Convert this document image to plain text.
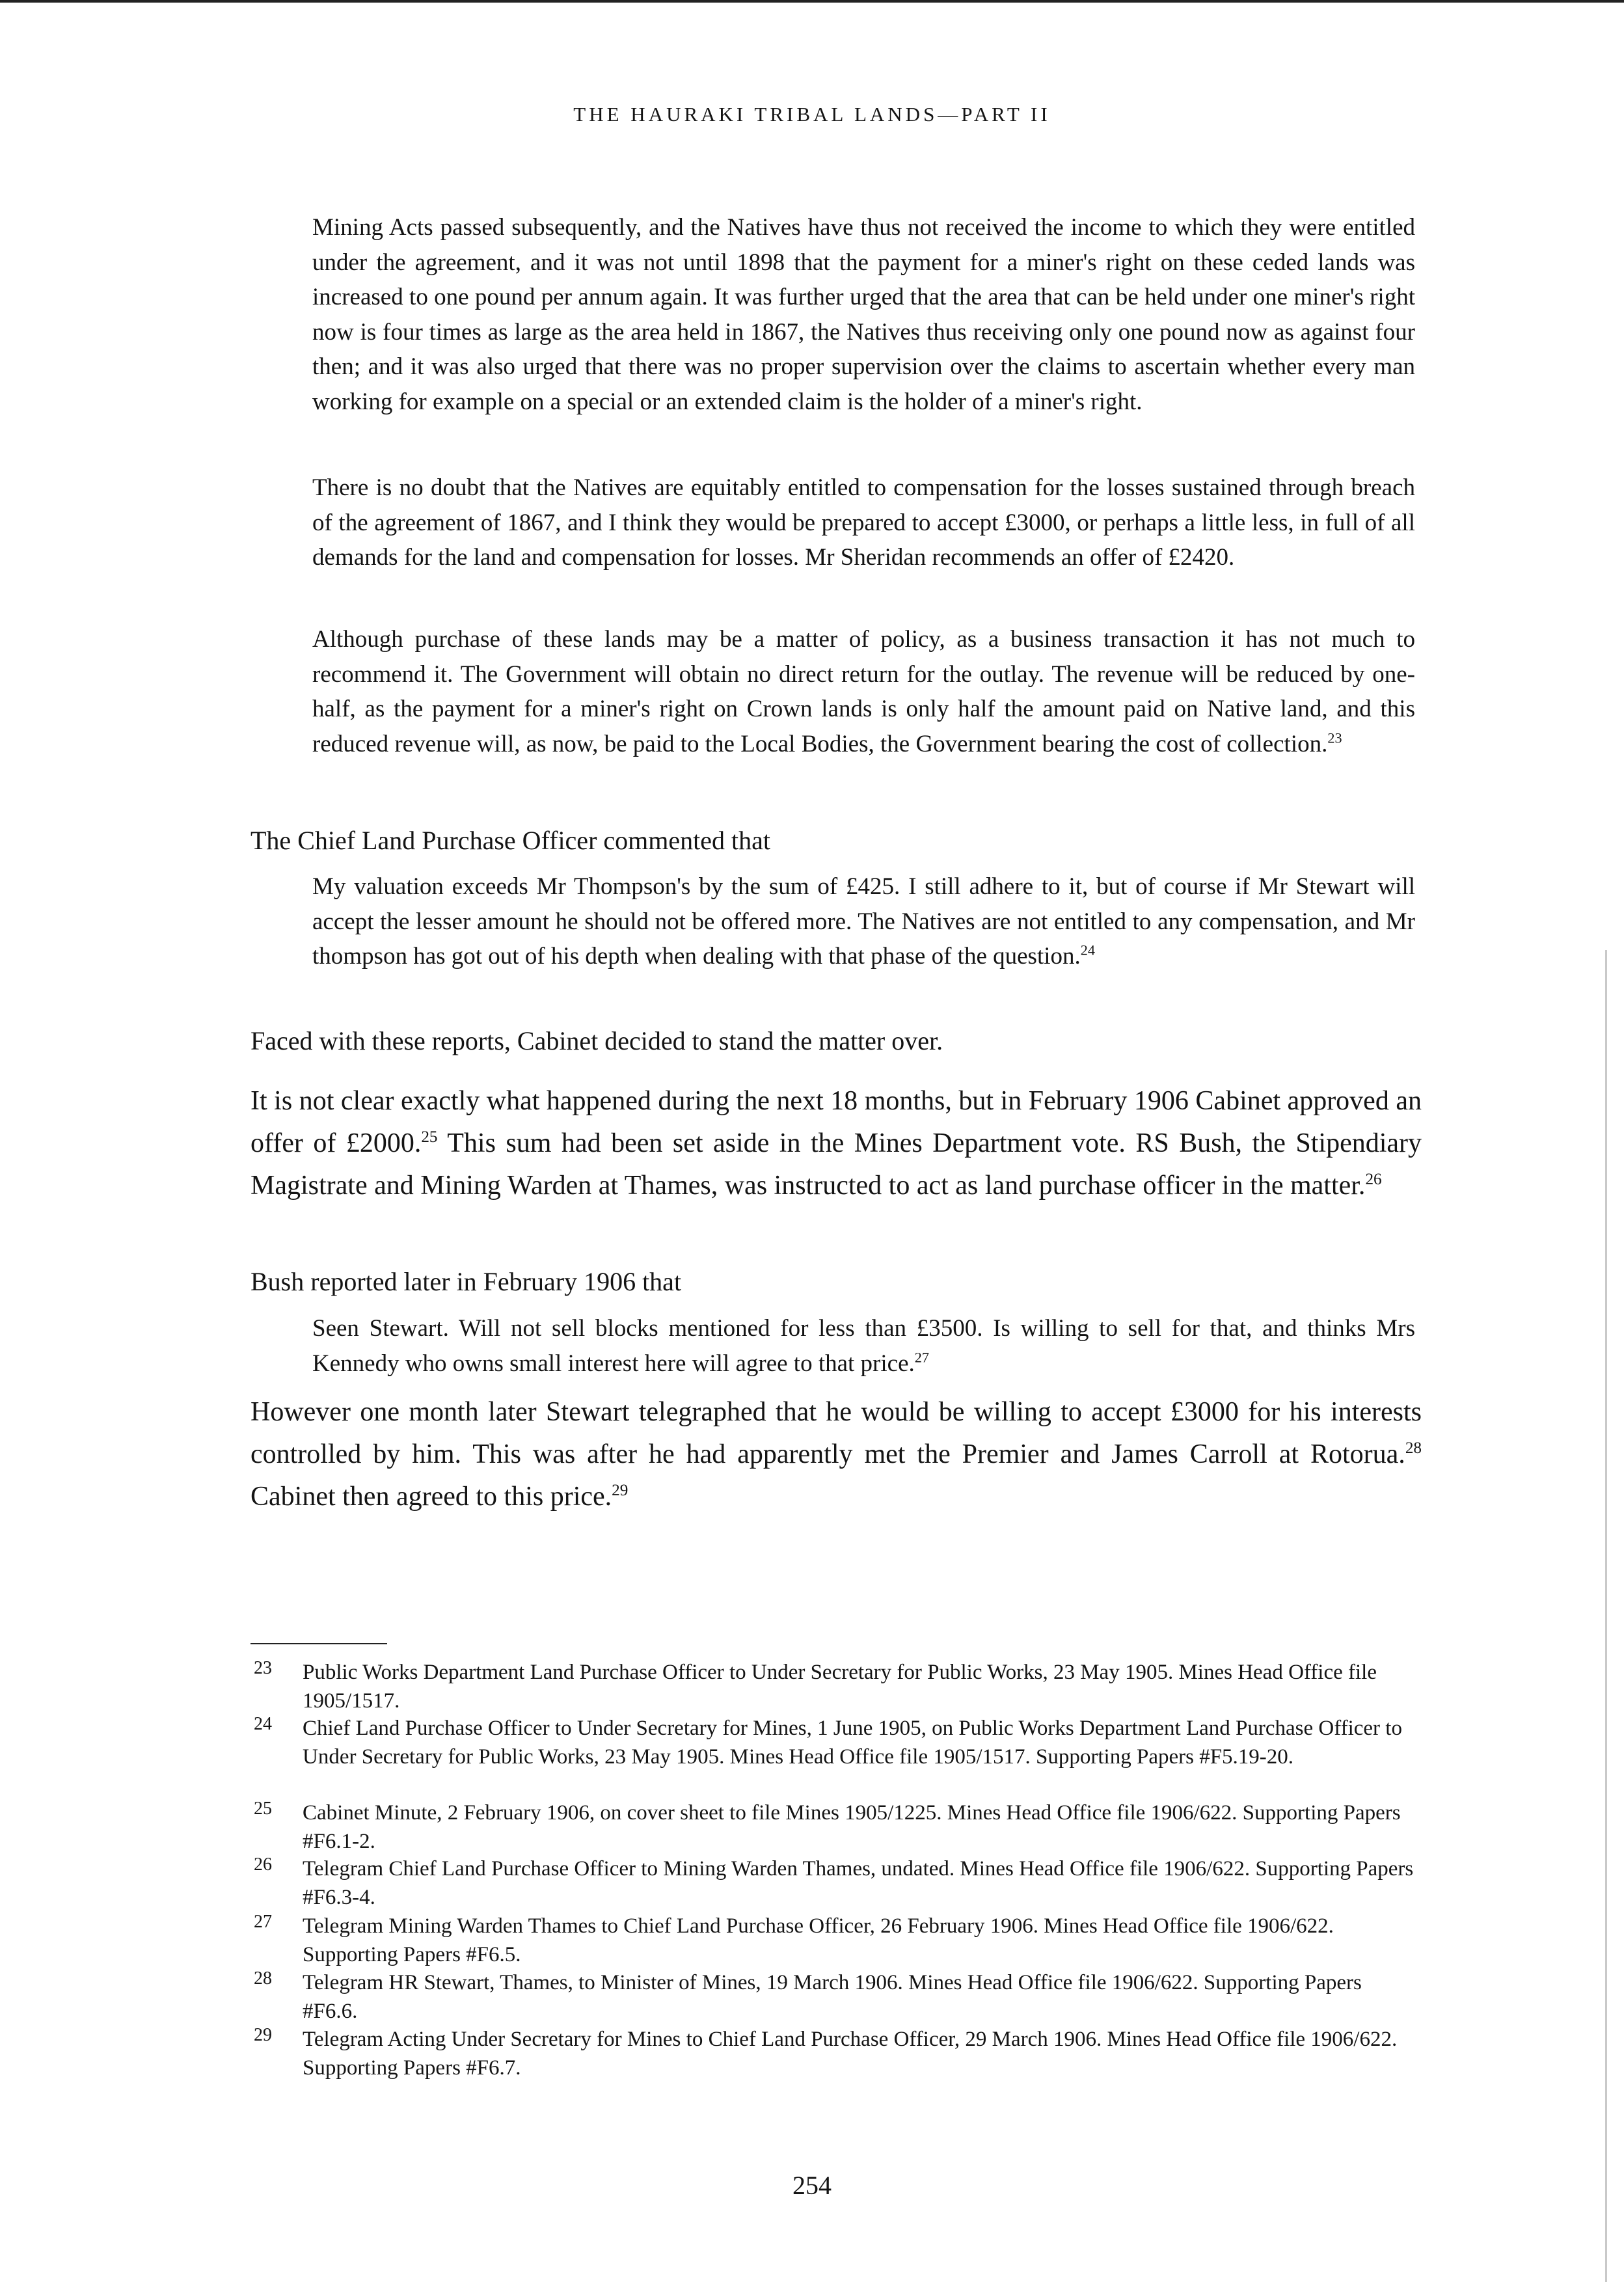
THE HAURAKI TRIBAL LANDS—PART II
Mining Acts passed subsequently, and the Natives have thus not received the income to which they were entitled under the agreement, and it was not until 1898 that the payment for a miner's right on these ceded lands was increased to one pound per annum again. It was further urged that the area that can be held under one miner's right now is four times as large as the area held in 1867, the Natives thus receiving only one pound now as against four then; and it was also urged that there was no proper supervision over the claims to ascertain whether every man working for example on a special or an extended claim is the holder of a miner's right.
There is no doubt that the Natives are equitably entitled to compensation for the losses sustained through breach of the agreement of 1867, and I think they would be prepared to accept £3000, or perhaps a little less, in full of all demands for the land and compensation for losses. Mr Sheridan recommends an offer of £2420.
Although purchase of these lands may be a matter of policy, as a business transaction it has not much to recommend it. The Government will obtain no direct return for the outlay. The revenue will be reduced by one-half, as the payment for a miner's right on Crown lands is only half the amount paid on Native land, and this reduced revenue will, as now, be paid to the Local Bodies, the Government bearing the cost of collection.$^{23}$
The Chief Land Purchase Officer commented that
My valuation exceeds Mr Thompson's by the sum of £425. I still adhere to it, but of course if Mr Stewart will accept the lesser amount he should not be offered more. The Natives are not entitled to any compensation, and Mr thompson has got out of his depth when dealing with that phase of the question.$^{24}$
Faced with these reports, Cabinet decided to stand the matter over.
It is not clear exactly what happened during the next 18 months, but in February 1906 Cabinet approved an offer of £2000.25 This sum had been set aside in the Mines Department vote. RS Bush, the Stipendiary Magistrate and Mining Warden at Thames, was instructed to act as land purchase officer in the matter.$^{26}$
Bush reported later in February 1906 that
Seen Stewart. Will not sell blocks mentioned for less than £3500. Is willing to sell for that, and thinks Mrs Kennedy who owns small interest here will agree to that price.$^{27}$
However one month later Stewart telegraphed that he would be willing to accept £3000 for his interests controlled by him. This was after he had apparently met the Premier and James Carroll at Rotorua.$^{28}$ Cabinet then agreed to this price.$^{29}$
23 Public Works Department Land Purchase Officer to Under Secretary for Public Works, 23 May 1905. Mines Head Office file 1905/1517.
24 Chief Land Purchase Officer to Under Secretary for Mines, 1 June 1905, on Public Works Department Land Purchase Officer to Under Secretary for Public Works, 23 May 1905. Mines Head Office file 1905/1517. Supporting Papers #F5.19-20.
25 Cabinet Minute, 2 February 1906, on cover sheet to file Mines 1905/1225. Mines Head Office file 1906/622. Supporting Papers #F6.1-2.
26 Telegram Chief Land Purchase Officer to Mining Warden Thames, undated. Mines Head Office file 1906/622. Supporting Papers #F6.3-4.
27 Telegram Mining Warden Thames to Chief Land Purchase Officer, 26 February 1906. Mines Head Office file 1906/622. Supporting Papers #F6.5.
28 Telegram HR Stewart, Thames, to Minister of Mines, 19 March 1906. Mines Head Office file 1906/622. Supporting Papers #F6.6.
29 Telegram Acting Under Secretary for Mines to Chief Land Purchase Officer, 29 March 1906. Mines Head Office file 1906/622. Supporting Papers #F6.7.
254
